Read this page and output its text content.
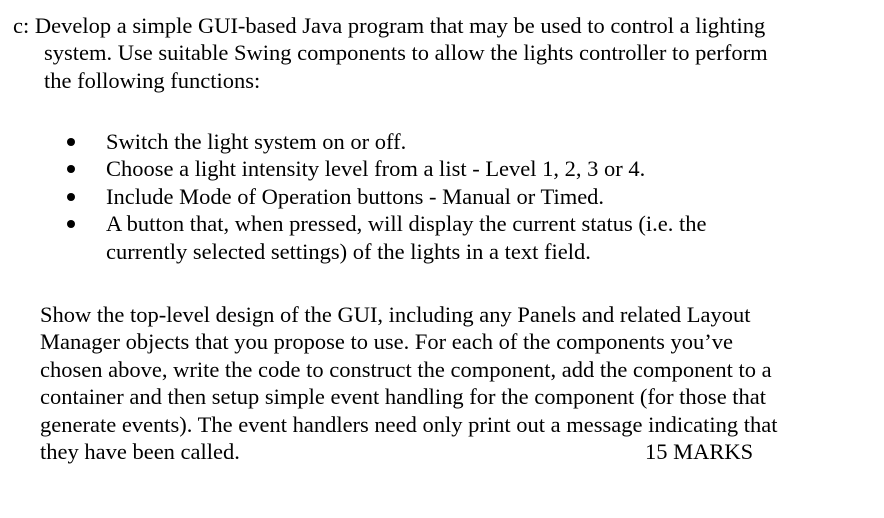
c: Develop a simple GUI-based Java program that may be used to control a lighting
system. Use suitable Swing components to allow the lights controller to perform
the following functions:
Switch the light system on or off.
Choose a light intensity level from a list - Level 1, 2, 3 or 4.
Include Mode of Operation buttons - Manual or Timed.
A button that, when pressed, will display the current status (i.e. the
currently selected settings) of the lights in a text field.
Show the top-level design of the GUI, including any Panels and related Layout
Manager objects that you propose to use. For each of the components you’ve
chosen above, write the code to construct the component, add the component to a
container and then setup simple event handling for the component (for those that
generate events). The event handlers need only print out a message indicating that
they have been called.	15 MARKS
